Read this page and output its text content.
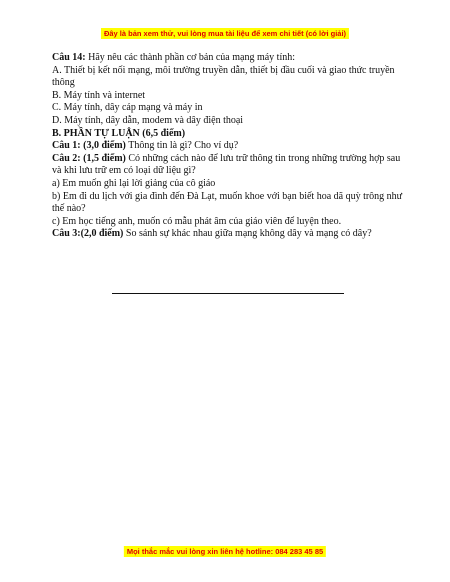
Đây là bản xem thử, vui lòng mua tài liệu để xem chi tiết (có lời giải)

Câu 14: Hãy nêu các thành phần cơ bản của mạng máy tính:

A. Thiết bị kết nối mạng, môi trường truyền dẫn, thiết bị đầu cuối và giao thức truyền thông

B. Máy tính và internet

C. Máy tính, dây cáp mạng và máy in

D. Máy tính, dây dẫn, modem và dây điện thoại

B. PHẦN TỰ LUẬN (6,5 điểm)

Câu 1: (3,0 điểm) Thông tin là gì? Cho ví dụ?

Câu 2: (1,5 điểm) Có những cách nào để lưu trữ thông tin trong những trường hợp sau và khi lưu trữ em có loại dữ liệu gì?

a) Em muốn ghi lại lời giảng của cô giáo

b) Em đi du lịch với gia đình đến Đà Lạt, muốn khoe với bạn biết hoa dã quỳ trông như thế nào?

c) Em học tiếng anh, muốn có mẫu phát âm của giáo viên để luyện theo.

Câu 3:(2,0 điểm) So sánh sự khác nhau giữa mạng không dây và mạng có dây?

Mọi thắc mắc vui lòng xin liên hệ hotline: 084 283 45 85
